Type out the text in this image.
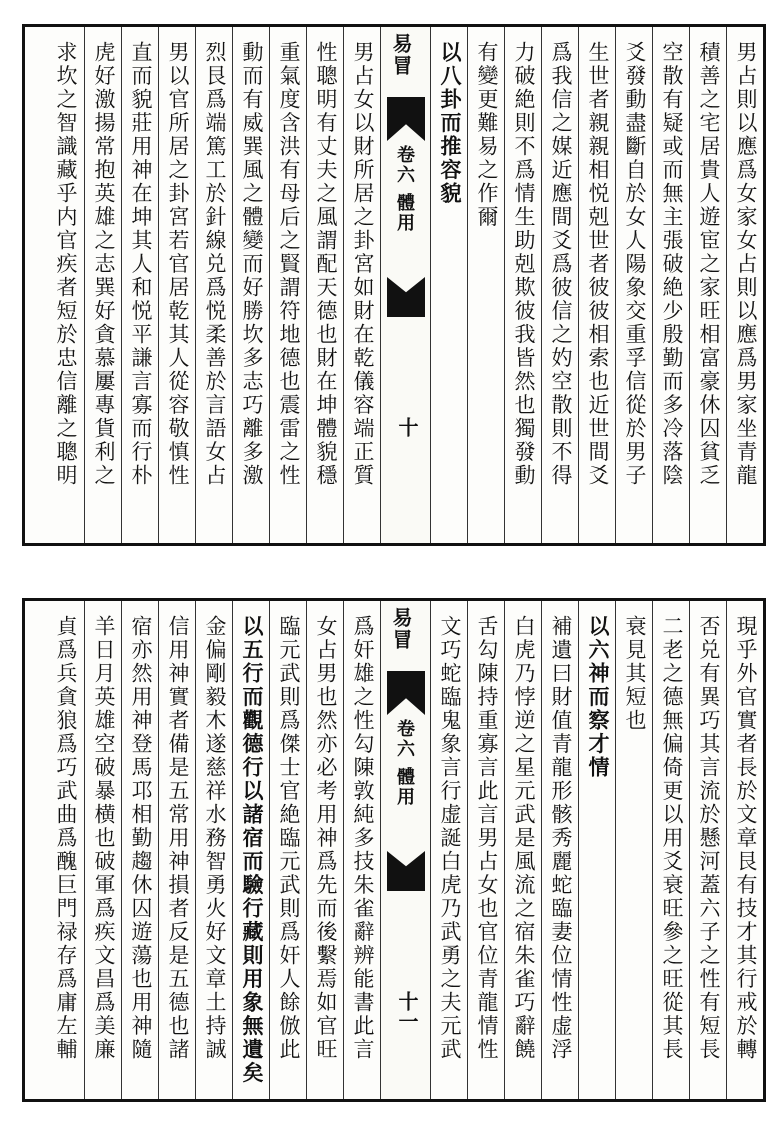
男占則以應爲女家女占則以應爲男家坐青龍
積善之宅居貴人遊宦之家旺相富豪休囚貧乏
空散有疑或而無主張破絶少殷勤而多冷落陰
爻發動盡斷自於女人陽象交重孚信從於男子
生世者親親相悦剋世者彼彼相索也近世間爻
爲我信之媒近應間爻爲彼信之妁空散則不得
力破絶則不爲情生助剋欺彼我皆然也獨發動
有變更難易之作爾
以八卦而推容貌
易冒
卷六 體用
十
男占女以財所居之卦宮如財在乾儀容端正質
性聰明有丈夫之風謂配天德也財在坤體貌穩
重氣度含洪有母后之賢謂符地德也震雷之性
動而有威巽風之體變而好勝坎多志巧離多激
烈艮爲端篤工於針線兑爲悦柔善於言語女占
男以官所居之卦宮若官居乾其人從容敬慎性
直而貌莊用神在坤其人和悦平謙言寡而行朴
虎好激揚常抱英雄之志巽好貪慕屢專貨利之
求坎之智識藏乎内官疾者短於忠信離之聰明
現乎外官實者長於文章艮有技才其行戒於轉
否兑有異巧其言流於懸河蓋六子之性有短長
二老之德無偏倚更以用爻衰旺參之旺從其長
衰見其短也
以六神而察才情
補遺曰財值青龍形骸秀麗蛇臨妻位情性虚浮
白虎乃悖逆之星元武是風流之宿朱雀巧辭饒
舌勾陳持重寡言此言男占女也官位青龍情性
文巧蛇臨鬼象言行虚誕白虎乃武勇之夫元武
易冒
卷六 體用
十一
爲奸雄之性勾陳敦純多技朱雀辭辨能書此言
女占男也然亦必考用神爲先而後繫焉如官旺
臨元武則爲傑士官絶臨元武則爲奸人餘倣此
以五行而觀德行以諸宿而驗行藏則用象無遺矣
金偏剛毅木遂慈祥水務智勇火好文章土持誠
信用神實者備是五常用神損者反是五德也諸
宿亦然用神登馬邛相勤趨休囚遊蕩也用神隨
羊日月英雄空破暴横也破軍爲疾文昌爲美廉
貞爲兵貪狼爲巧武曲爲醜巨門禄存爲庸左輔
